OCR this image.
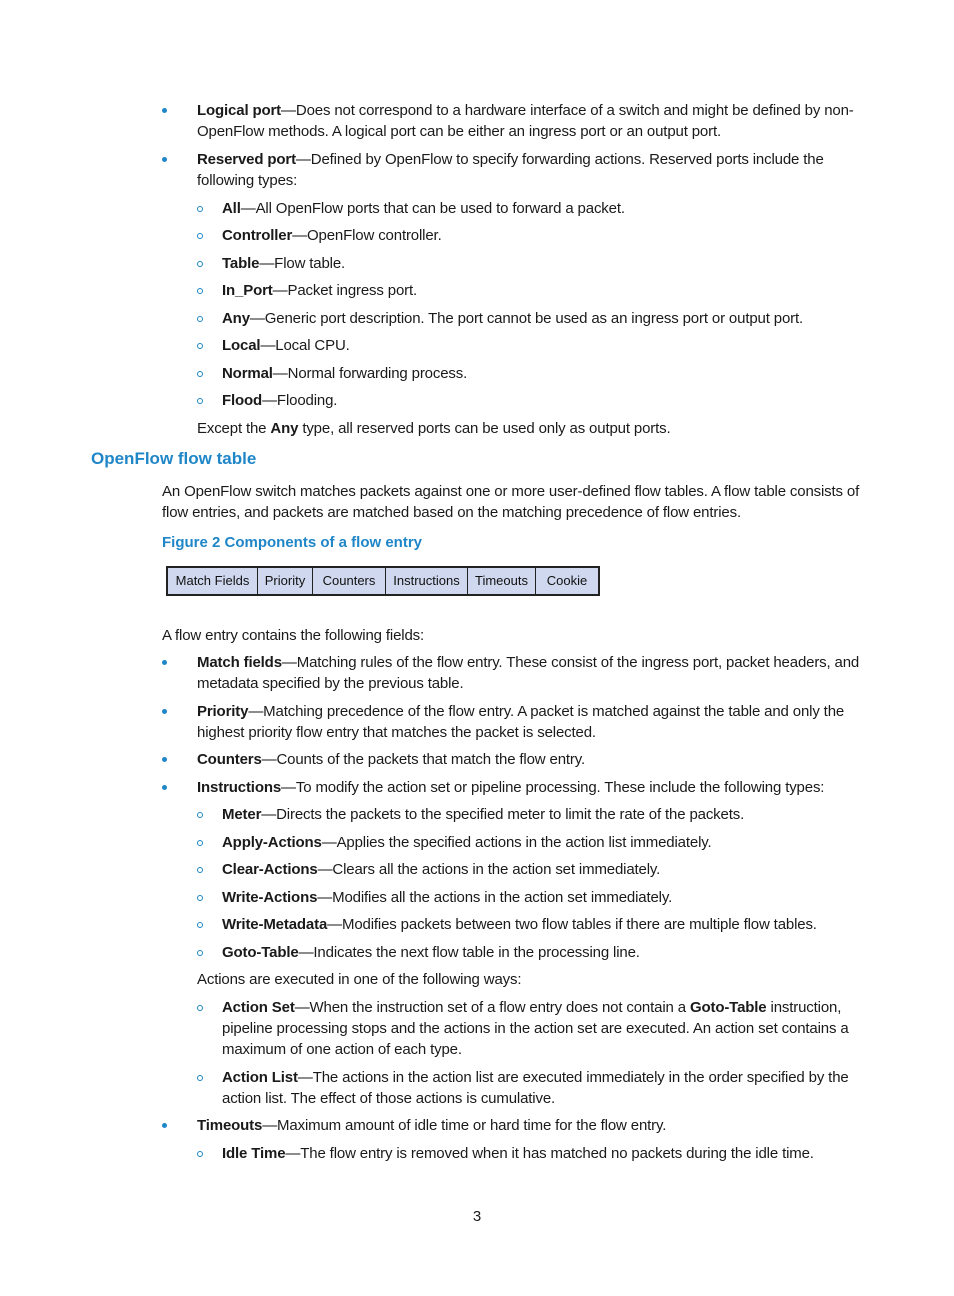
Logical port—Does not correspond to a hardware interface of a switch and might be defined by non-OpenFlow methods. A logical port can be either an ingress port or an output port.
Reserved port—Defined by OpenFlow to specify forwarding actions. Reserved ports include the following types:
All—All OpenFlow ports that can be used to forward a packet.
Controller—OpenFlow controller.
Table—Flow table.
In_Port—Packet ingress port.
Any—Generic port description. The port cannot be used as an ingress port or output port.
Local—Local CPU.
Normal—Normal forwarding process.
Flood—Flooding.
Except the Any type, all reserved ports can be used only as output ports.
OpenFlow flow table
An OpenFlow switch matches packets against one or more user-defined flow tables. A flow table consists of flow entries, and packets are matched based on the matching precedence of flow entries.
Figure 2 Components of a flow entry
Match Fields	Priority	Counters	Instructions	Timeouts	Cookie
A flow entry contains the following fields:
Match fields—Matching rules of the flow entry. These consist of the ingress port, packet headers, and metadata specified by the previous table.
Priority—Matching precedence of the flow entry. A packet is matched against the table and only the highest priority flow entry that matches the packet is selected.
Counters—Counts of the packets that match the flow entry.
Instructions—To modify the action set or pipeline processing. These include the following types:
Meter—Directs the packets to the specified meter to limit the rate of the packets.
Apply-Actions—Applies the specified actions in the action list immediately.
Clear-Actions—Clears all the actions in the action set immediately.
Write-Actions—Modifies all the actions in the action set immediately.
Write-Metadata—Modifies packets between two flow tables if there are multiple flow tables.
Goto-Table—Indicates the next flow table in the processing line.
Actions are executed in one of the following ways:
Action Set—When the instruction set of a flow entry does not contain a Goto-Table instruction, pipeline processing stops and the actions in the action set are executed. An action set contains a maximum of one action of each type.
Action List—The actions in the action list are executed immediately in the order specified by the action list. The effect of those actions is cumulative.
Timeouts—Maximum amount of idle time or hard time for the flow entry.
Idle Time—The flow entry is removed when it has matched no packets during the idle time.
3
